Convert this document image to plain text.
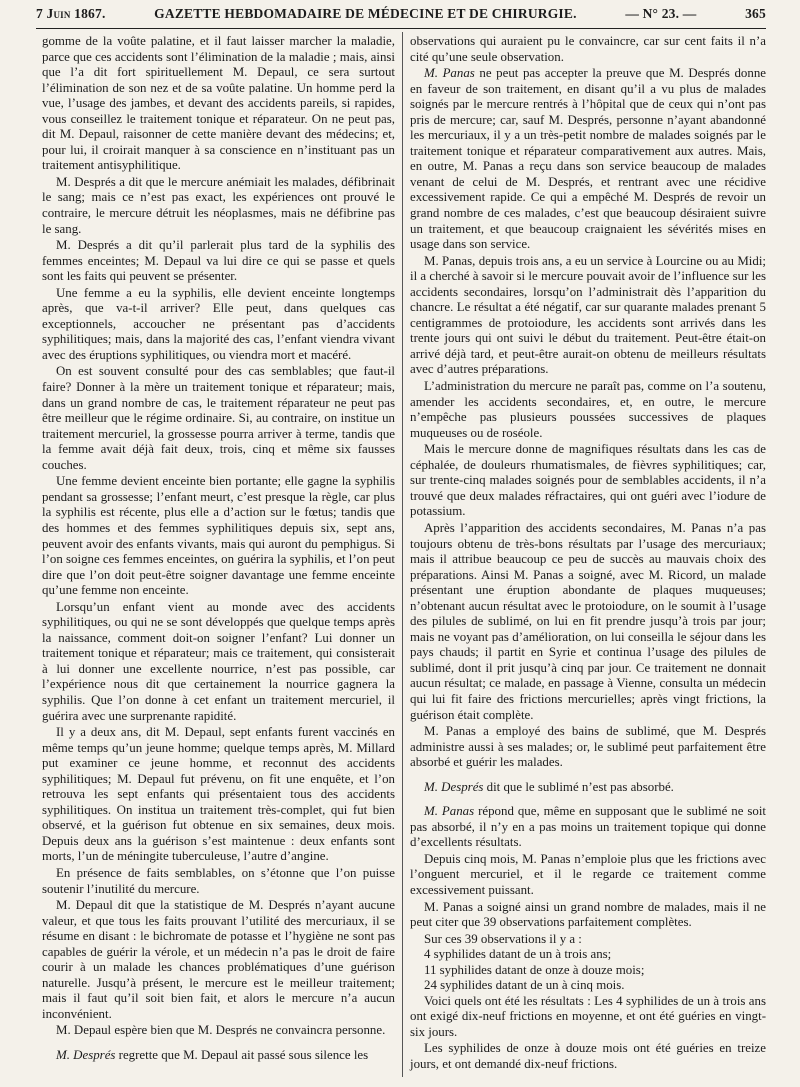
7 Juin 1867.	GAZETTE HEBDOMADAIRE DE MÉDECINE ET DE CHIRURGIE.	— N° 23. —	365

gomme de la voûte palatine, et il faut laisser marcher la maladie, parce que ces accidents sont l’élimination de la maladie ; mais, ainsi que l’a dit fort spirituellement M. Depaul, ce sera surtout l’élimination de son nez et de sa voûte palatine. Un homme perd la vue, l’usage des jambes, et devant des accidents pareils, si rapides, vous conseillez le traitement tonique et réparateur. On ne peut pas, dit M. Depaul, raisonner de cette manière devant des médecins; et, pour lui, il croirait manquer à sa conscience en n’instituant pas un traitement antisyphilitique.

M. Després a dit que le mercure anémiait les malades, défibrinait le sang; mais ce n’est pas exact, les expériences ont prouvé le contraire, le mercure détruit les néoplasmes, mais ne défibrine pas le sang.

M. Després a dit qu’il parlerait plus tard de la syphilis des femmes enceintes; M. Depaul va lui dire ce qui se passe et quels sont les faits qui peuvent se présenter.

Une femme a eu la syphilis, elle devient enceinte longtemps après, que va-t-il arriver? Elle peut, dans quelques cas exceptionnels, accoucher ne présentant pas d’accidents syphilitiques; mais, dans la majorité des cas, l’enfant viendra vivant avec des éruptions syphilitiques, ou viendra mort et macéré.

On est souvent consulté pour des cas semblables; que faut-il faire? Donner à la mère un traitement tonique et réparateur; mais, dans un grand nombre de cas, le traitement réparateur ne peut pas être meilleur que le régime ordinaire. Si, au contraire, on institue un traitement mercuriel, la grossesse pourra arriver à terme, tandis que la femme avait déjà fait deux, trois, cinq et même six fausses couches.

Une femme devient enceinte bien portante; elle gagne la syphilis pendant sa grossesse; l’enfant meurt, c’est presque la règle, car plus la syphilis est récente, plus elle a d’action sur le fœtus; tandis que des hommes et des femmes syphilitiques depuis six, sept ans, peuvent avoir des enfants vivants, mais qui auront du pemphigus. Si l’on soigne ces femmes enceintes, on guérira la syphilis, et l’on peut dire que l’on doit peut-être soigner davantage une femme enceinte qu’une femme non enceinte.

Lorsqu’un enfant vient au monde avec des accidents syphilitiques, ou qui ne se sont développés que quelque temps après la naissance, comment doit-on soigner l’enfant? Lui donner un traitement tonique et réparateur; mais ce traitement, qui consisterait à lui donner une excellente nourrice, n’est pas possible, car l’expérience nous dit que certainement la nourrice gagnera la syphilis. Que l’on donne à cet enfant un traitement mercuriel, il guérira avec une surprenante rapidité.

Il y a deux ans, dit M. Depaul, sept enfants furent vaccinés en même temps qu’un jeune homme; quelque temps après, M. Millard put examiner ce jeune homme, et reconnut des accidents syphilitiques; M. Depaul fut prévenu, on fit une enquête, et l’on retrouva les sept enfants qui présentaient tous des accidents syphilitiques. On institua un traitement très-complet, qui fut bien observé, et la guérison fut obtenue en six semaines, deux mois. Depuis deux ans la guérison s’est maintenue : deux enfants sont morts, l’un de méningite tuberculeuse, l’autre d’angine.

En présence de faits semblables, on s’étonne que l’on puisse soutenir l’inutilité du mercure.

M. Depaul dit que la statistique de M. Després n’ayant aucune valeur, et que tous les faits prouvant l’utilité des mercuriaux, il se résume en disant : le bichromate de potasse et l’hygiène ne sont pas capables de guérir la vérole, et un médecin n’a pas le droit de faire courir à un malade les chances problématiques d’une guérison naturelle. Jusqu’à présent, le mercure est le meilleur traitement; mais il faut qu’il soit bien fait, et alors le mercure n’a aucun inconvénient.

M. Depaul espère bien que M. Després ne convaincra personne.

M. Després regrette que M. Depaul ait passé sous silence les

observations qui auraient pu le convaincre, car sur cent faits il n’a cité qu’une seule observation.

M. Panas ne peut pas accepter la preuve que M. Després donne en faveur de son traitement, en disant qu’il a vu plus de malades soignés par le mercure rentrés à l’hôpital que de ceux qui n’ont pas pris de mercure; car, sauf M. Després, personne n’ayant abandonné les mercuriaux, il y a un très-petit nombre de malades soignés par le traitement tonique et réparateur comparativement aux autres. Mais, en outre, M. Panas a reçu dans son service beaucoup de malades venant de celui de M. Després, et rentrant avec une récidive excessivement rapide. Ce qui a empêché M. Després de revoir un grand nombre de ces malades, c’est que beaucoup désiraient suivre un traitement, et que beaucoup craignaient les sévérités mises en usage dans son service.

M. Panas, depuis trois ans, a eu un service à Lourcine ou au Midi; il a cherché à savoir si le mercure pouvait avoir de l’influence sur les accidents secondaires, lorsqu’on l’administrait dès l’apparition du chancre. Le résultat a été négatif, car sur quarante malades prenant 5 centigrammes de protoiodure, les accidents sont arrivés dans les trente jours qui ont suivi le début du traitement. Peut-être était-on arrivé déjà tard, et peut-être aurait-on obtenu de meilleurs résultats avec d’autres préparations.

L’administration du mercure ne paraît pas, comme on l’a soutenu, amender les accidents secondaires, et, en outre, le mercure n’empêche pas plusieurs poussées successives de plaques muqueuses ou de roséole.

Mais le mercure donne de magnifiques résultats dans les cas de céphalée, de douleurs rhumatismales, de fièvres syphilitiques; car, sur trente-cinq malades soignés pour de semblables accidents, il n’a trouvé que deux malades réfractaires, qui ont guéri avec l’iodure de potassium.

Après l’apparition des accidents secondaires, M. Panas n’a pas toujours obtenu de très-bons résultats par l’usage des mercuriaux; mais il attribue beaucoup ce peu de succès au mauvais choix des préparations. Ainsi M. Panas a soigné, avec M. Ricord, un malade présentant une éruption abondante de plaques muqueuses; n’obtenant aucun résultat avec le protoiodure, on le soumit à l’usage des pilules de sublimé, on lui en fit prendre jusqu’à trois par jour; mais ne voyant pas d’amélioration, on lui conseilla le séjour dans les pays chauds; il partit en Syrie et continua l’usage des pilules de sublimé, dont il prit jusqu’à cinq par jour. Ce traitement ne donnait aucun résultat; ce malade, en passage à Vienne, consulta un médecin qui lui fit faire des frictions mercurielles; après vingt frictions, la guérison était complète.

M. Panas a employé des bains de sublimé, que M. Després administre aussi à ses malades; or, le sublimé peut parfaitement être absorbé et guérir les malades.

M. Després dit que le sublimé n’est pas absorbé.

M. Panas répond que, même en supposant que le sublimé ne soit pas absorbé, il n’y en a pas moins un traitement topique qui donne d’excellents résultats.

Depuis cinq mois, M. Panas n’emploie plus que les frictions avec l’onguent mercuriel, et il le regarde ce traitement comme excessivement puissant.

M. Panas a soigné ainsi un grand nombre de malades, mais il ne peut citer que 39 observations parfaitement complètes.

Sur ces 39 observations il y a :

4 syphilides datant de un à trois ans;

11 syphilides datant de onze à douze mois;

24 syphilides datant de un à cinq mois.

Voici quels ont été les résultats : Les 4 syphilides de un à trois ans ont exigé dix-neuf frictions en moyenne, et ont été guéries en vingt-six jours.

Les syphilides de onze à douze mois ont été guéries en treize jours, et ont demandé dix-neuf frictions.
